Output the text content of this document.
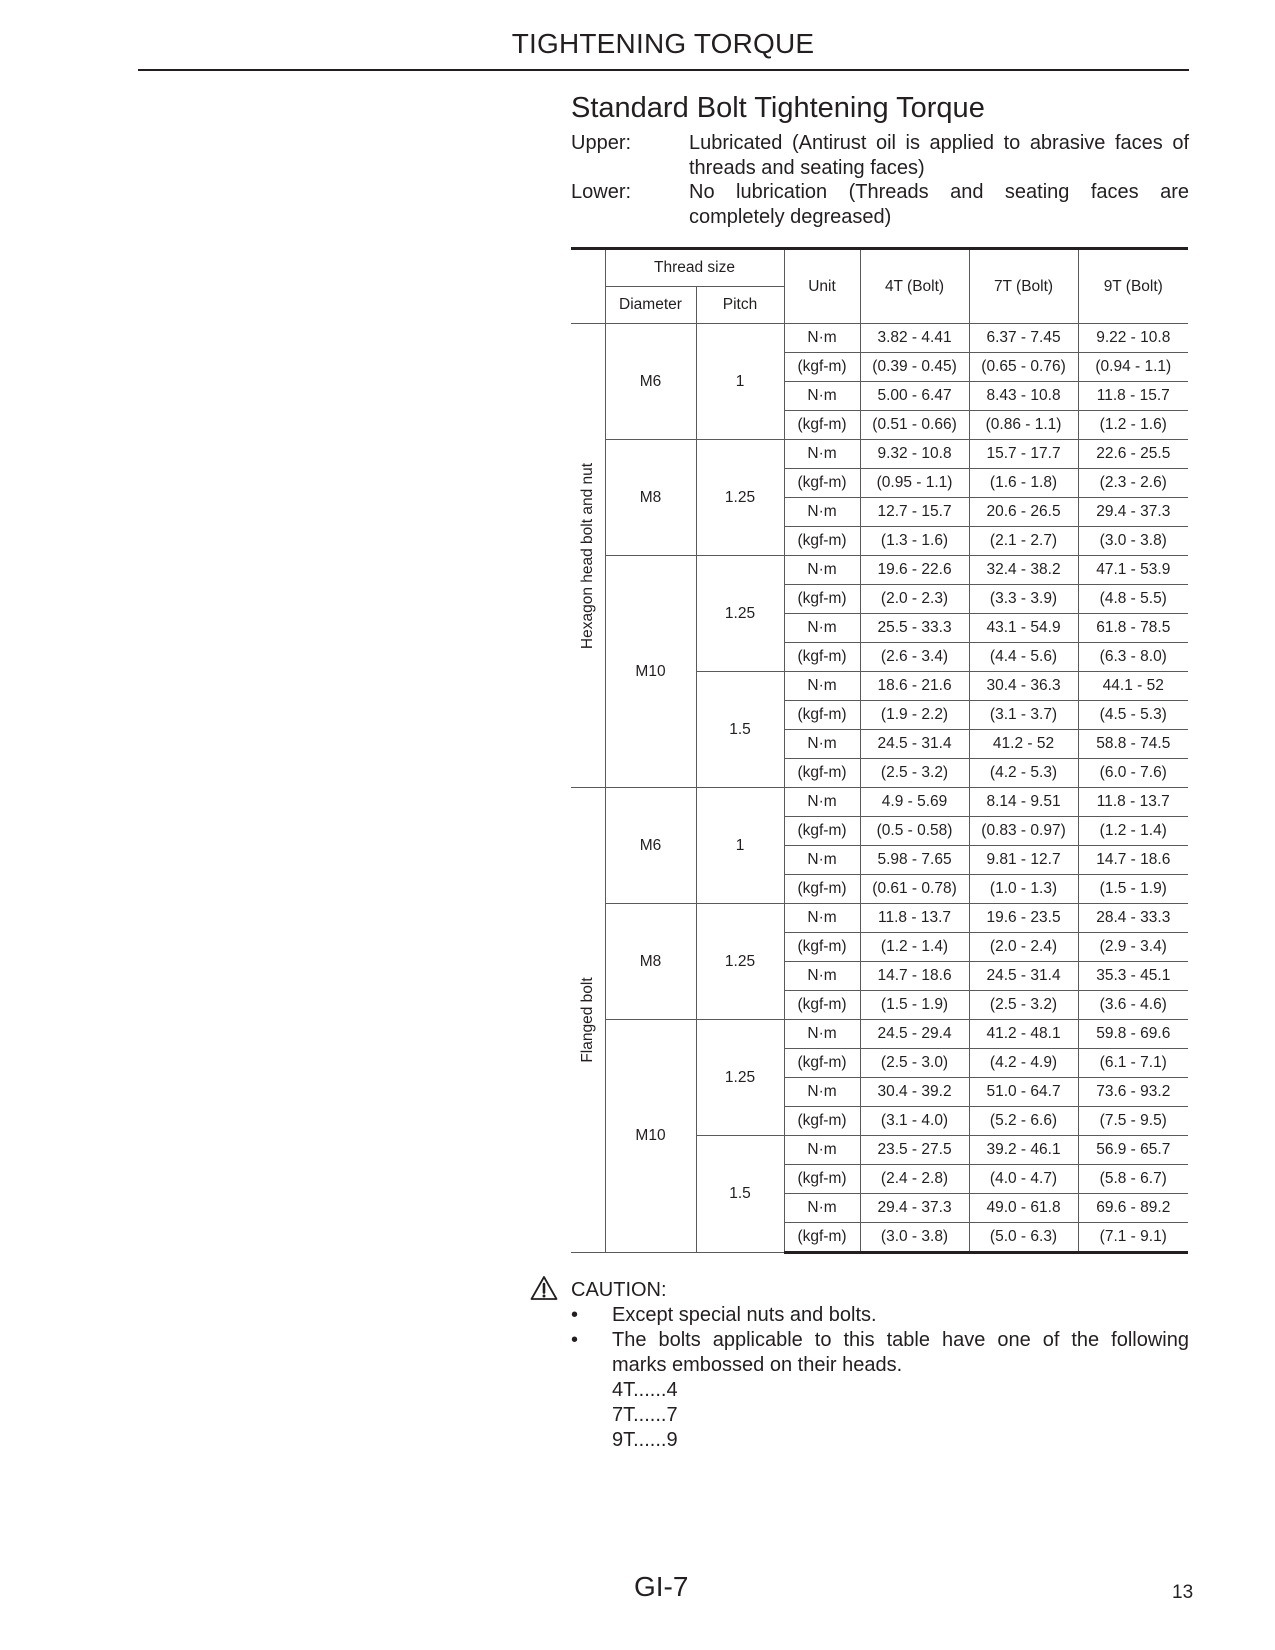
TIGHTENING TORQUE
Standard Bolt Tightening Torque
Upper:	Lubricated (Antirust oil is applied to abrasive faces of
threads and seating faces)
Lower:	No lubrication (Threads and seating faces are
completely degreased)
	Thread size		Unit	4T (Bolt)	7T (Bolt)	9T (Bolt)
	Diameter	Pitch				

Hexagon head bolt and nut	M6	1	N·m	3.82 - 4.41	6.37 - 7.45	9.22 - 10.8
			(kgf-m)	(0.39 - 0.45)	(0.65 - 0.76)	(0.94 - 1.1)
			N·m	5.00 - 6.47	8.43 - 10.8	11.8 - 15.7
			(kgf-m)	(0.51 - 0.66)	(0.86 - 1.1)	(1.2 - 1.6)
	M8	1.25	N·m	9.32 - 10.8	15.7 - 17.7	22.6 - 25.5
			(kgf-m)	(0.95 - 1.1)	(1.6 - 1.8)	(2.3 - 2.6)
			N·m	12.7 - 15.7	20.6 - 26.5	29.4 - 37.3
			(kgf-m)	(1.3 - 1.6)	(2.1 - 2.7)	(3.0 - 3.8)
	M10	1.25	N·m	19.6 - 22.6	32.4 - 38.2	47.1 - 53.9
			(kgf-m)	(2.0 - 2.3)	(3.3 - 3.9)	(4.8 - 5.5)
			N·m	25.5 - 33.3	43.1 - 54.9	61.8 - 78.5
			(kgf-m)	(2.6 - 3.4)	(4.4 - 5.6)	(6.3 - 8.0)
		1.5	N·m	18.6 - 21.6	30.4 - 36.3	44.1 - 52
			(kgf-m)	(1.9 - 2.2)	(3.1 - 3.7)	(4.5 - 5.3)
			N·m	24.5 - 31.4	41.2 - 52	58.8 - 74.5
			(kgf-m)	(2.5 - 3.2)	(4.2 - 5.3)	(6.0 - 7.6)

Flanged bolt	M6	1	N·m	4.9 - 5.69	8.14 - 9.51	11.8 - 13.7
			(kgf-m)	(0.5 - 0.58)	(0.83 - 0.97)	(1.2 - 1.4)
			N·m	5.98 - 7.65	9.81 - 12.7	14.7 - 18.6
			(kgf-m)	(0.61 - 0.78)	(1.0 - 1.3)	(1.5 - 1.9)
	M8	1.25	N·m	11.8 - 13.7	19.6 - 23.5	28.4 - 33.3
			(kgf-m)	(1.2 - 1.4)	(2.0 - 2.4)	(2.9 - 3.4)
			N·m	14.7 - 18.6	24.5 - 31.4	35.3 - 45.1
			(kgf-m)	(1.5 - 1.9)	(2.5 - 3.2)	(3.6 - 4.6)
	M10	1.25	N·m	24.5 - 29.4	41.2 - 48.1	59.8 - 69.6
			(kgf-m)	(2.5 - 3.0)	(4.2 - 4.9)	(6.1 - 7.1)
			N·m	30.4 - 39.2	51.0 - 64.7	73.6 - 93.2
			(kgf-m)	(3.1 - 4.0)	(5.2 - 6.6)	(7.5 - 9.5)
		1.5	N·m	23.5 - 27.5	39.2 - 46.1	56.9 - 65.7
			(kgf-m)	(2.4 - 2.8)	(4.0 - 4.7)	(5.8 - 6.7)
			N·m	29.4 - 37.3	49.0 - 61.8	69.6 - 89.2
			(kgf-m)	(3.0 - 3.8)	(5.0 - 6.3)	(7.1 - 9.1)
CAUTION:
• Except special nuts and bolts.
• The bolts applicable to this table have one of the following
marks embossed on their heads.
4T......4
7T......7
9T......9
GI-7	13
